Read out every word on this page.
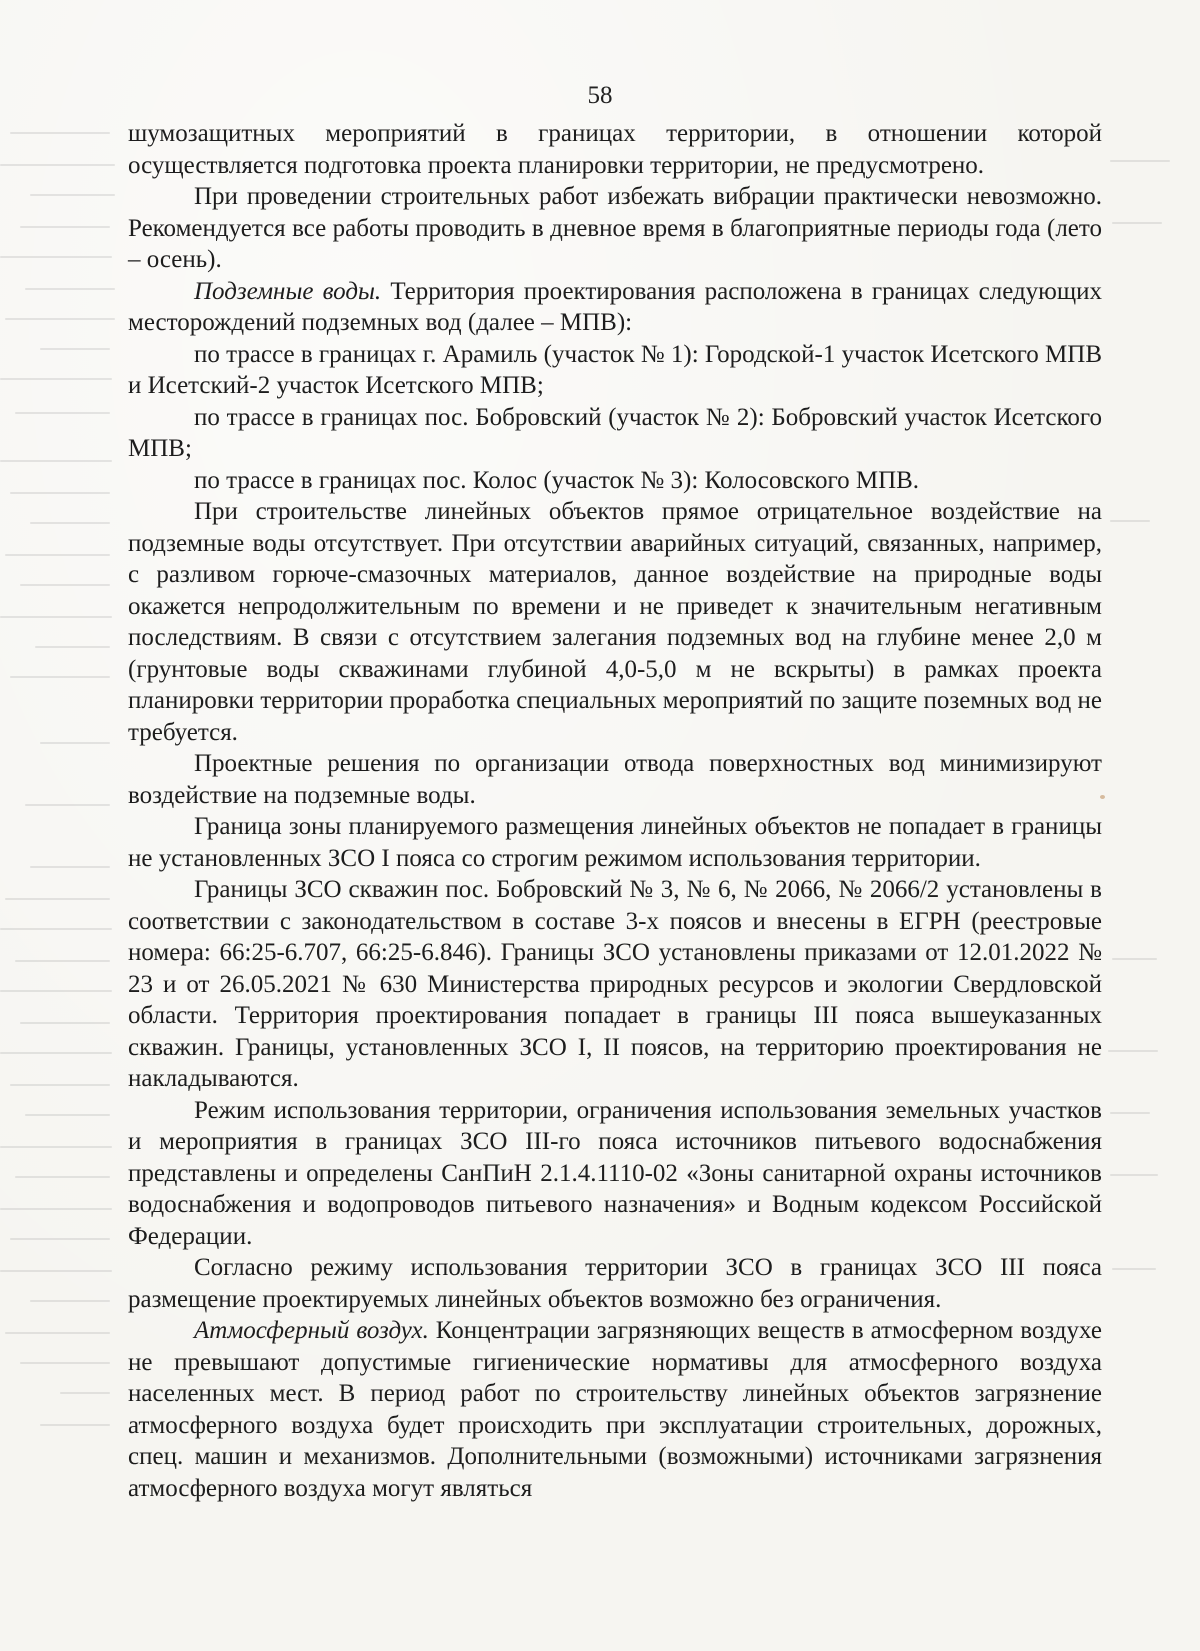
58

шумозащитных мероприятий в границах территории, в отношении которой осуществляется подготовка проекта планировки территории, не предусмотрено.

При проведении строительных работ избежать вибрации практически невозможно. Рекомендуется все работы проводить в дневное время в благоприятные периоды года (лето – осень).

Подземные воды. Территория проектирования расположена в границах следующих месторождений подземных вод (далее – МПВ):

по трассе в границах г. Арамиль (участок № 1): Городской-1 участок Исетского МПВ и Исетский-2 участок Исетского МПВ;

по трассе в границах пос. Бобровский (участок № 2): Бобровский участок Исетского МПВ;

по трассе в границах пос. Колос (участок № 3): Колосовского МПВ.

При строительстве линейных объектов прямое отрицательное воздействие на подземные воды отсутствует. При отсутствии аварийных ситуаций, связанных, например, с разливом горюче-смазочных материалов, данное воздействие на природные воды окажется непродолжительным по времени и не приведет к значительным негативным последствиям. В связи с отсутствием залегания подземных вод на глубине менее 2,0 м (грунтовые воды скважинами глубиной 4,0-5,0 м не вскрыты) в рамках проекта планировки территории проработка специальных мероприятий по защите поземных вод не требуется.

Проектные решения по организации отвода поверхностных вод минимизируют воздействие на подземные воды.

Граница зоны планируемого размещения линейных объектов не попадает в границы не установленных ЗСО I пояса со строгим режимом использования территории.

Границы ЗСО скважин пос. Бобровский № 3, № 6, № 2066, № 2066/2 установлены в соответствии с законодательством в составе 3-х поясов и внесены в ЕГРН (реестровые номера: 66:25-6.707, 66:25-6.846). Границы ЗСО установлены приказами от 12.01.2022 № 23 и от 26.05.2021 № 630 Министерства природных ресурсов и экологии Свердловской области. Территория проектирования попадает в границы III пояса вышеуказанных скважин. Границы, установленных ЗСО I, II поясов, на территорию проектирования не накладываются.

Режим использования территории, ограничения использования земельных участков и мероприятия в границах ЗСО III-го пояса источников питьевого водоснабжения представлены и определены СанПиН 2.1.4.1110-02 «Зоны санитарной охраны источников водоснабжения и водопроводов питьевого назначения» и Водным кодексом Российской Федерации.

Согласно режиму использования территории ЗСО в границах ЗСО III пояса размещение проектируемых линейных объектов возможно без ограничения.

Атмосферный воздух. Концентрации загрязняющих веществ в атмосферном воздухе не превышают допустимые гигиенические нормативы для атмосферного воздуха населенных мест. В период работ по строительству линейных объектов загрязнение атмосферного воздуха будет происходить при эксплуатации строительных, дорожных, спец. машин и механизмов. Дополнительными (возможными) источниками загрязнения атмосферного воздуха могут являться
